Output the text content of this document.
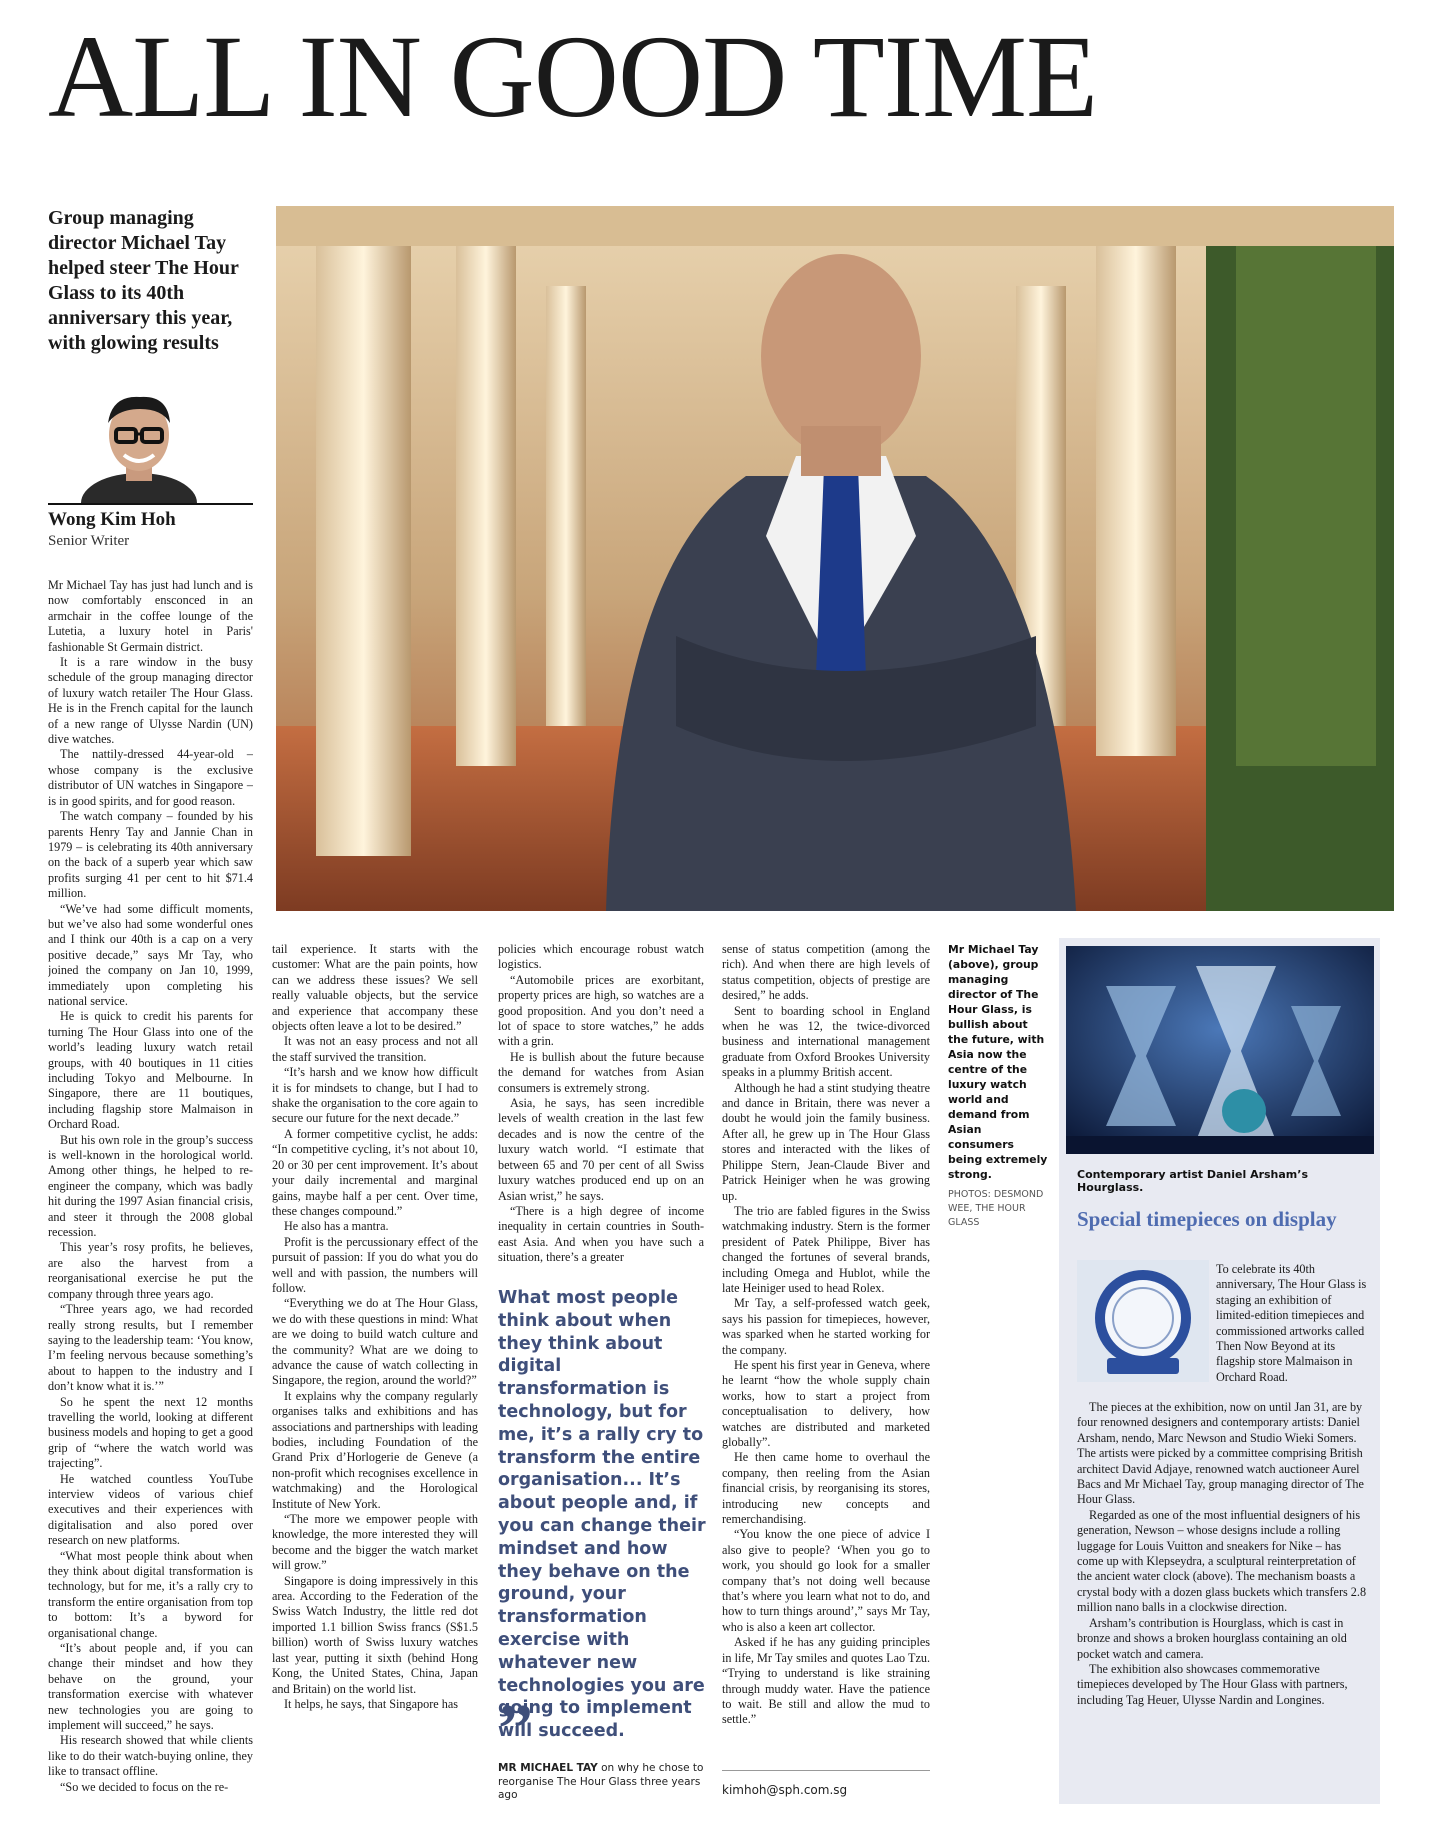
ALL IN GOOD TIME
Group managing director Michael Tay helped steer The Hour Glass to its 40th anniversary this year, with glowing results
Wong Kim Hoh
Senior Writer

Mr Michael Tay has just had lunch and is now comfortably ensconced in an armchair in the coffee lounge of the Lutetia, a luxury hotel in Paris' fashionable St Germain district.

It is a rare window in the busy schedule of the group managing director of luxury watch retailer The Hour Glass. He is in the French capital for the launch of a new range of Ulysse Nardin (UN) dive watches.

The nattily-dressed 44-year-old – whose company is the exclusive distributor of UN watches in Singapore – is in good spirits, and for good reason.

The watch company – founded by his parents Henry Tay and Jannie Chan in 1979 – is celebrating its 40th anniversary on the back of a superb year which saw profits surging 41 per cent to hit $71.4 million.

“We’ve had some difficult moments, but we’ve also had some wonderful ones and I think our 40th is a cap on a very positive decade,” says Mr Tay, who joined the company on Jan 10, 1999, immediately upon completing his national service.

He is quick to credit his parents for turning The Hour Glass into one of the world’s leading luxury watch retail groups, with 40 boutiques in 11 cities including Tokyo and Melbourne. In Singapore, there are 11 boutiques, including flagship store Malmaison in Orchard Road.

But his own role in the group’s success is well-known in the horological world. Among other things, he helped to re-engineer the company, which was badly hit during the 1997 Asian financial crisis, and steer it through the 2008 global recession.

This year’s rosy profits, he believes, are also the harvest from a reorganisational exercise he put the company through three years ago.

“Three years ago, we had recorded really strong results, but I remember saying to the leadership team: ‘You know, I’m feeling nervous because something’s about to happen to the industry and I don’t know what it is.’”

So he spent the next 12 months travelling the world, looking at different business models and hoping to get a good grip of “where the watch world was trajecting”.

He watched countless YouTube interview videos of various chief executives and their experiences with digitalisation and also pored over research on new platforms.

“What most people think about when they think about digital transformation is technology, but for me, it’s a rally cry to transform the entire organisation from top to bottom: It’s a byword for organisational change.

“It’s about people and, if you can change their mindset and how they behave on the ground, your transformation exercise with whatever new technologies you are going to implement will succeed,” he says.

His research showed that while clients like to do their watch-buying online, they like to transact offline.

“So we decided to focus on the re-

tail experience. It starts with the customer: What are the pain points, how can we address these issues? We sell really valuable objects, but the service and experience that accompany these objects often leave a lot to be desired.”

It was not an easy process and not all the staff survived the transition.

“It’s harsh and we know how difficult it is for mindsets to change, but I had to shake the organisation to the core again to secure our future for the next decade.”

A former competitive cyclist, he adds: “In competitive cycling, it’s not about 10, 20 or 30 per cent improvement. It’s about your daily incremental and marginal gains, maybe half a per cent. Over time, these changes compound.”

He also has a mantra.

Profit is the percussionary effect of the pursuit of passion: If you do what you do well and with passion, the numbers will follow.

“Everything we do at The Hour Glass, we do with these questions in mind: What are we doing to build watch culture and the community? What are we doing to advance the cause of watch collecting in Singapore, the region, around the world?”

It explains why the company regularly organises talks and exhibitions and has associations and partnerships with leading bodies, including Foundation of the Grand Prix d’Horlogerie de Geneve (a non-profit which recognises excellence in watchmaking) and the Horological Institute of New York.

“The more we empower people with knowledge, the more interested they will become and the bigger the watch market will grow.”

Singapore is doing impressively in this area. According to the Federation of the Swiss Watch Industry, the little red dot imported 1.1 billion Swiss francs (S$1.5 billion) worth of Swiss luxury watches last year, putting it sixth (behind Hong Kong, the United States, China, Japan and Britain) on the world list.

It helps, he says, that Singapore has

policies which encourage robust watch logistics.

“Automobile prices are exorbitant, property prices are high, so watches are a good proposition. And you don’t need a lot of space to store watches,” he adds with a grin.

He is bullish about the future because the demand for watches from Asian consumers is extremely strong.

Asia, he says, has seen incredible levels of wealth creation in the last few decades and is now the centre of the luxury watch world. “I estimate that between 65 and 70 per cent of all Swiss luxury watches produced end up on an Asian wrist,” he says.

“There is a high degree of income inequality in certain countries in South-east Asia. And when you have such a situation, there’s a greater

What most people think about when they think about digital transformation is technology, but for me, it’s a rally cry to transform the entire organisation... It’s about people and, if you can change their mindset and how they behave on the ground, your transformation exercise with whatever new technologies you are going to implement will succeed.
”
MR MICHAEL TAY on why he chose to reorganise The Hour Glass three years ago

sense of status competition (among the rich). And when there are high levels of status competition, objects of prestige are desired,” he adds.

Sent to boarding school in England when he was 12, the twice-divorced business and international management graduate from Oxford Brookes University speaks in a plummy British accent.

Although he had a stint studying theatre and dance in Britain, there was never a doubt he would join the family business. After all, he grew up in The Hour Glass stores and interacted with the likes of Philippe Stern, Jean-Claude Biver and Patrick Heiniger when he was growing up.

The trio are fabled figures in the Swiss watchmaking industry. Stern is the former president of Patek Philippe, Biver has changed the fortunes of several brands, including Omega and Hublot, while the late Heiniger used to head Rolex.

Mr Tay, a self-professed watch geek, says his passion for timepieces, however, was sparked when he started working for the company.

He spent his first year in Geneva, where he learnt “how the whole supply chain works, how to start a project from conceptualisation to delivery, how watches are distributed and marketed globally”.

He then came home to overhaul the company, then reeling from the Asian financial crisis, by reorganising its stores, introducing new concepts and remerchandising.

“You know the one piece of advice I also give to people? ‘When you go to work, you should go look for a smaller company that’s not doing well because that’s where you learn what not to do, and how to turn things around’,” says Mr Tay, who is also a keen art collector.

Asked if he has any guiding principles in life, Mr Tay smiles and quotes Lao Tzu. “Trying to understand is like straining through muddy water. Have the patience to wait. Be still and allow the mud to settle.”

kimhoh@sph.com.sg
Mr Michael Tay (above), group managing director of The Hour Glass, is bullish about the future, with Asia now the centre of the luxury watch world and demand from Asian consumers being extremely strong.
PHOTOS: DESMOND WEE, THE HOUR GLASS
Contemporary artist Daniel Arsham’s Hourglass.
Special timepieces on display

To celebrate its 40th anniversary, The Hour Glass is staging an exhibition of limited-edition timepieces and commissioned artworks called Then Now Beyond at its flagship store Malmaison in Orchard Road.

The pieces at the exhibition, now on until Jan 31, are by four renowned designers and contemporary artists: Daniel Arsham, nendo, Marc Newson and Studio Wieki Somers. The artists were picked by a committee comprising British architect David Adjaye, renowned watch auctioneer Aurel Bacs and Mr Michael Tay, group managing director of The Hour Glass.

Regarded as one of the most influential designers of his generation, Newson – whose designs include a rolling luggage for Louis Vuitton and sneakers for Nike – has come up with Klepseydra, a sculptural reinterpretation of the ancient water clock (above). The mechanism boasts a crystal body with a dozen glass buckets which transfers 2.8 million nano balls in a clockwise direction.

Arsham’s contribution is Hourglass, which is cast in bronze and shows a broken hourglass containing an old pocket watch and camera.

The exhibition also showcases commemorative timepieces developed by The Hour Glass with partners, including Tag Heuer, Ulysse Nardin and Longines.
